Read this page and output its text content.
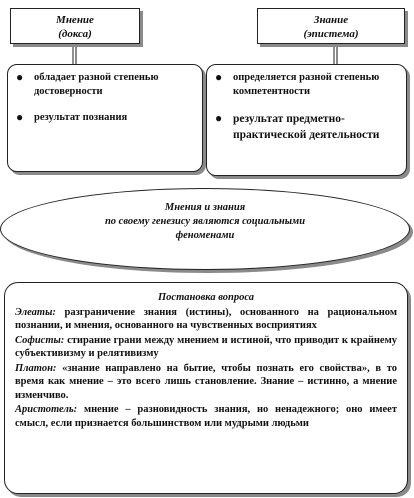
Мнение
(докса)
Знание
(эпистема)
● обладает разной степенью достоверности
● результат познания
● определяется разной степенью компетентности
● результат предметно-практической деятельности
Мнения и знания
по своему генезису являются социальными
феноменами
Постановка вопроса

Элеаты: разграничение знания (истины), основанного на рациональном познании, и мнения, основанного на чувственных восприятиях

Софисты: стирание грани между мнением и истиной, что приводит к крайнему субъективизму и релятивизму

Платон: «знание направлено на бытие, чтобы познать его свойства», в то время как мнение – это всего лишь становление. Знание – истинно, а мнение изменчиво.

Аристотель: мнение – разновидность знания, но ненадежного; оно имеет смысл, если признается большинством или мудрыми людьми
